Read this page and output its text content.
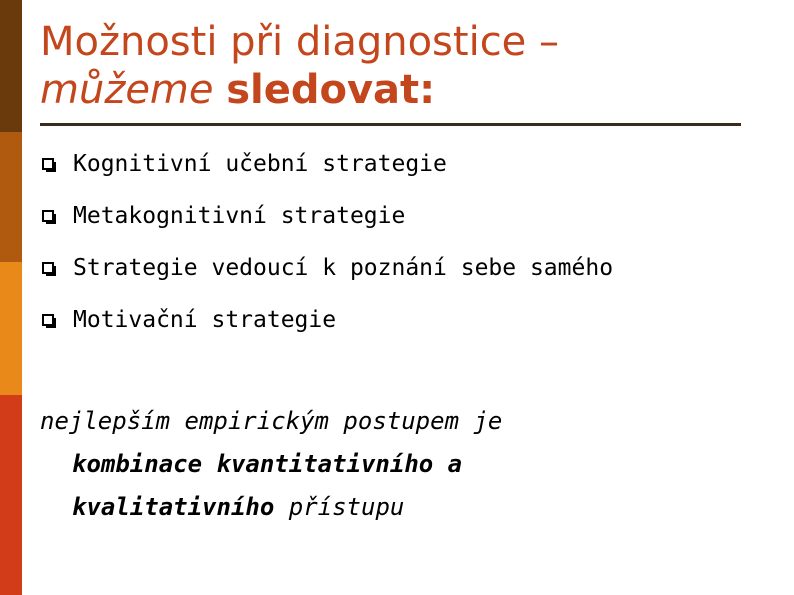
Možnosti při diagnostice –
můžeme sledovat:
Kognitivní učební strategie
Metakognitivní strategie
Strategie vedoucí k poznání sebe samého
Motivační strategie
nejlepším empirickým postupem je
kombinace kvantitativního a
kvalitativního přístupu
